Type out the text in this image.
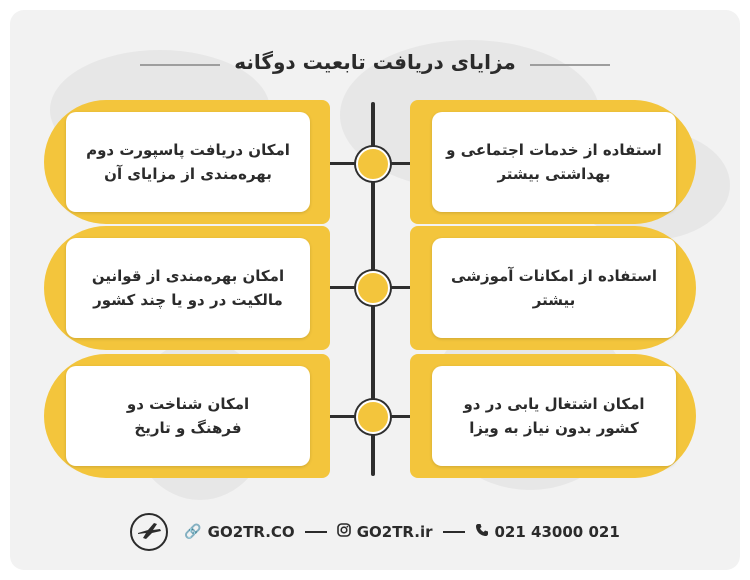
مزایای دریافت تابعیت دوگانه
امکان دریافت پاسپورت دوم
بهره‌مندی از مزایای آن
امکان بهره‌مندی از قوانین
مالکیت در دو یا چند کشور
امکان شناخت دو
فرهنگ و تاریخ
استفاده از خدمات اجتماعی و
بهداشتی بیشتر
استفاده از امکانات آموزشی بیشتر
امکان اشتغال یابی در دو
کشور بدون نیاز به ویزا
🔗 GO2TR.CO	GO2TR.ir	021 43000 021
